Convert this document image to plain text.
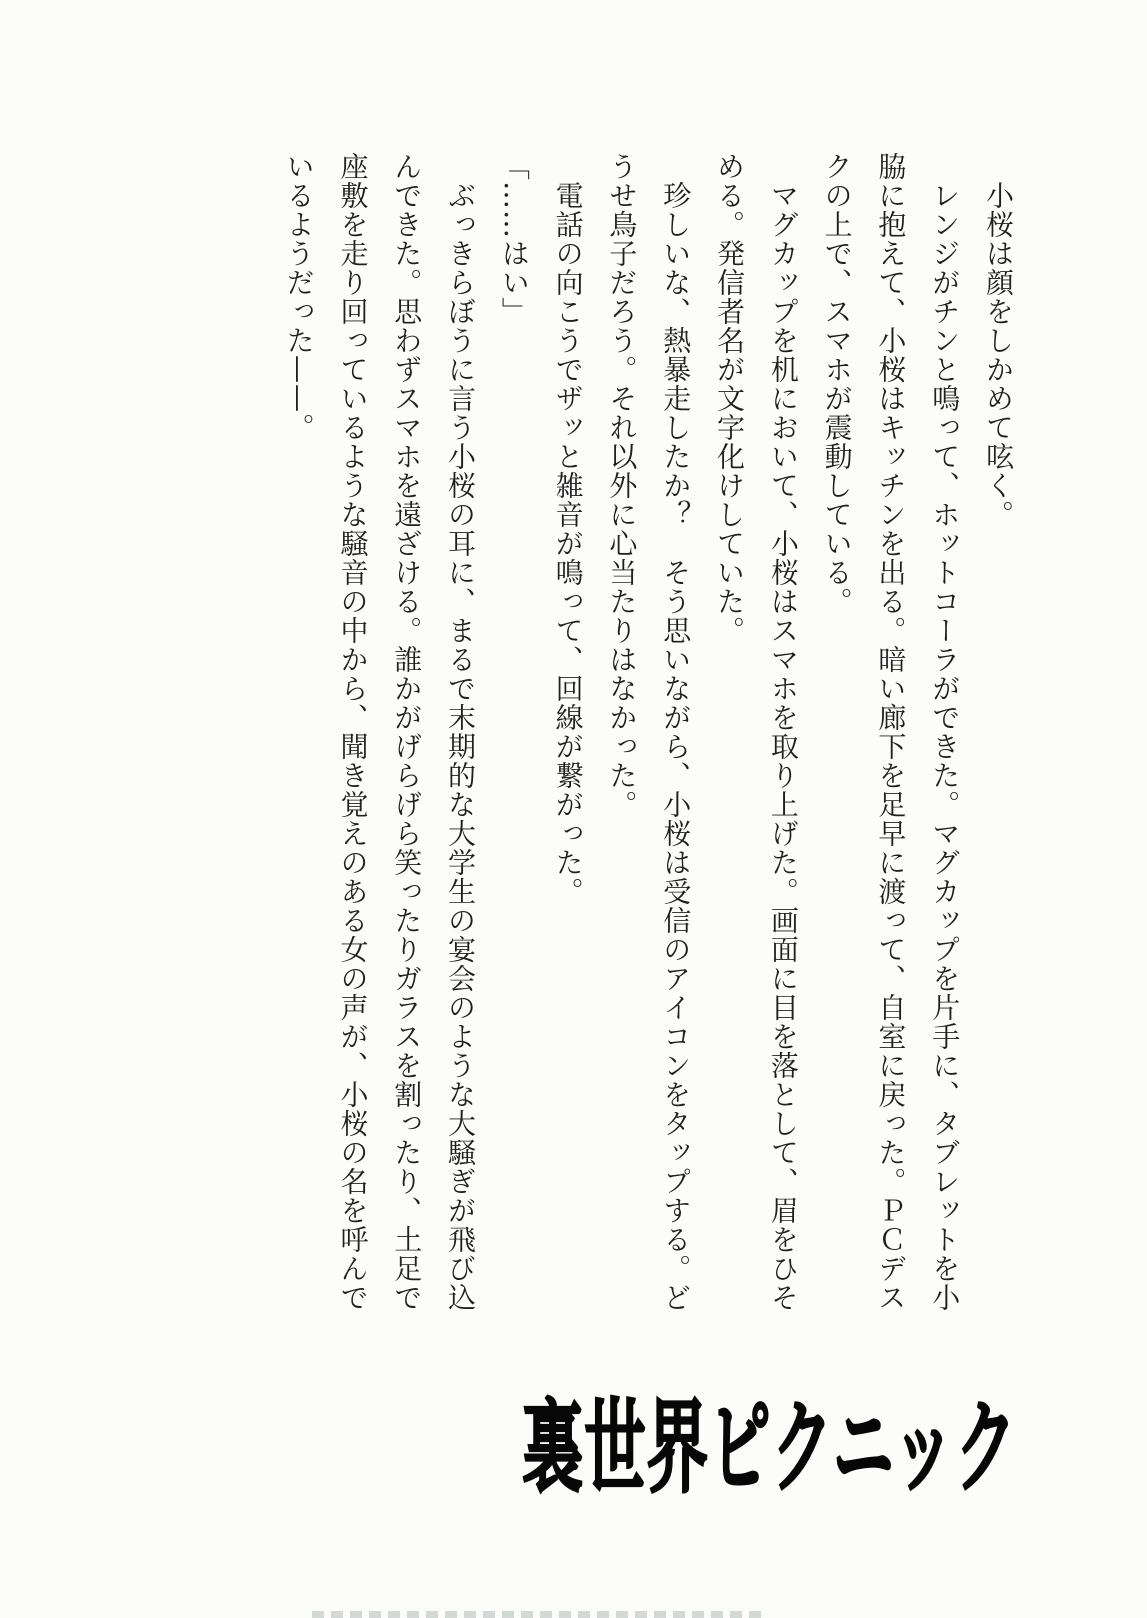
小桜は顔をしかめて呟く。

レンジがチンと鳴って、ホットコーラができた。マグカップを片手に、タブレットを小

脇に抱えて、小桜はキッチンを出る。暗い廊下を足早に渡って、自室に戻った。ＰＣデス

クの上で、スマホが震動している。

マグカップを机において、小桜はスマホを取り上げた。画面に目を落として、眉をひそ

める。発信者名が文字化けしていた。

珍しいな、熱暴走したか？　そう思いながら、小桜は受信のアイコンをタップする。ど

うせ鳥子だろう。それ以外に心当たりはなかった。

電話の向こうでザッと雑音が鳴って、回線が繋がった。

「……はい」

ぶっきらぼうに言う小桜の耳に、まるで末期的な大学生の宴会のような大騒ぎが飛び込

んできた。思わずスマホを遠ざける。誰かがげらげら笑ったりガラスを割ったり、土足で

座敷を走り回っているような騒音の中から、聞き覚えのある女の声が、小桜の名を呼んで

いるようだった——。

裏世界ピクニック
